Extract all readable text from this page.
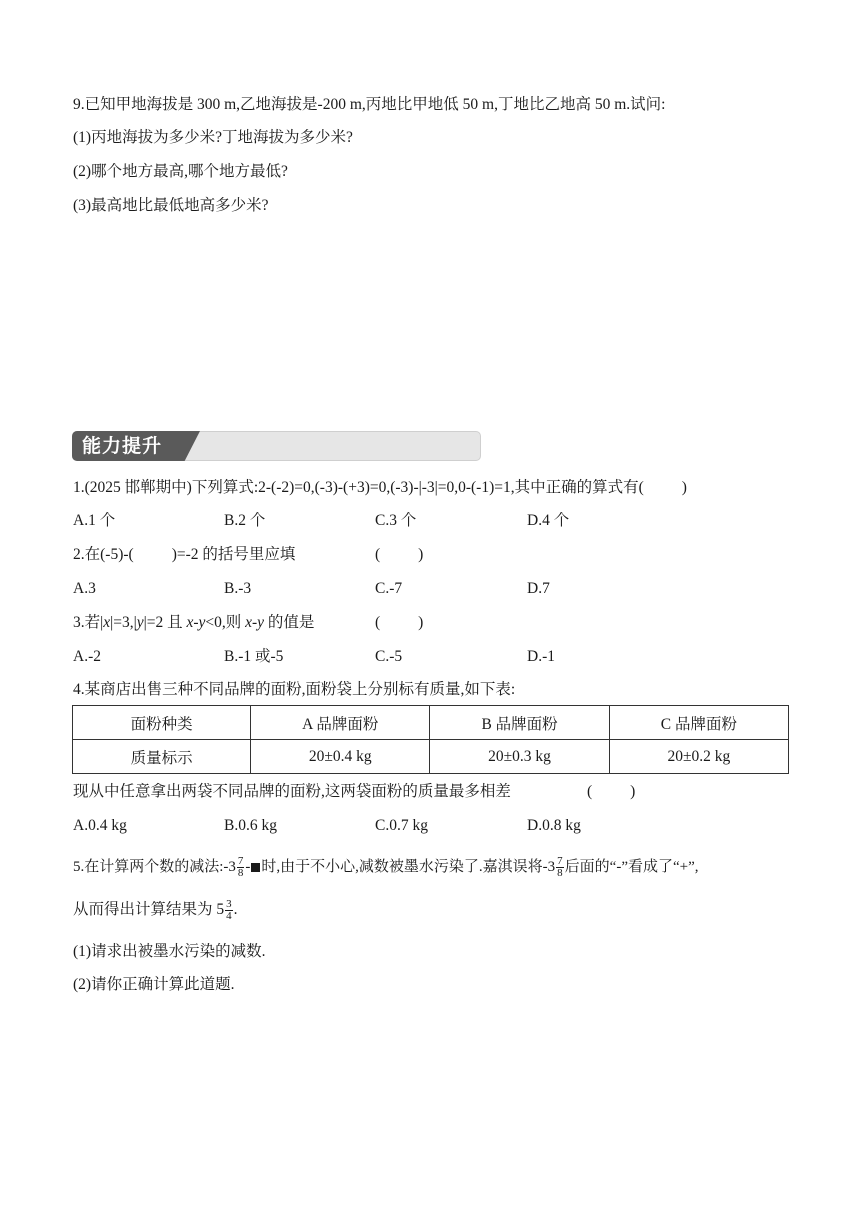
9.已知甲地海拔是 300 m,乙地海拔是-200 m,丙地比甲地低 50 m,丁地比乙地高 50 m.试问:
(1)丙地海拔为多少米?丁地海拔为多少米?
(2)哪个地方最高,哪个地方最低?
(3)最高地比最低地高多少米?
能力提升
1.(2025 邯郸期中)下列算式:2-(-2)=0,(-3)-(+3)=0,(-3)-|-3|=0,0-(-1)=1,其中正确的算式有( )
A.1 个	B.2 个	C.3 个	D.4 个
2.在(-5)-( )=-2 的括号里应填	( )
A.3	B.-3	C.-7	D.7
3.若|x|=3,|y|=2 且 x-y<0,则 x-y 的值是	( )
A.-2	B.-1 或-5	C.-5	D.-1
4.某商店出售三种不同品牌的面粉,面粉袋上分别标有质量,如下表:
面粉种类	A 品牌面粉	B 品牌面粉	C 品牌面粉
质量标示	20±0.4 kg	20±0.3 kg	20±0.2 kg
现从中任意拿出两袋不同品牌的面粉,这两袋面粉的质量最多相差	( )
A.0.4 kg	B.0.6 kg	C.0.7 kg	D.0.8 kg
5.在计算两个数的减法:-3 $\frac{7}{8}$ - 时,由于不小心,减数被墨水污染了.嘉淇误将$-3 \frac{7}{8}$ 后面的“-”看成了“+”,
从而得出计算结果为 $5 \frac{3}{4}$ .
(1)请求出被墨水污染的减数.
(2)请你正确计算此道题.
